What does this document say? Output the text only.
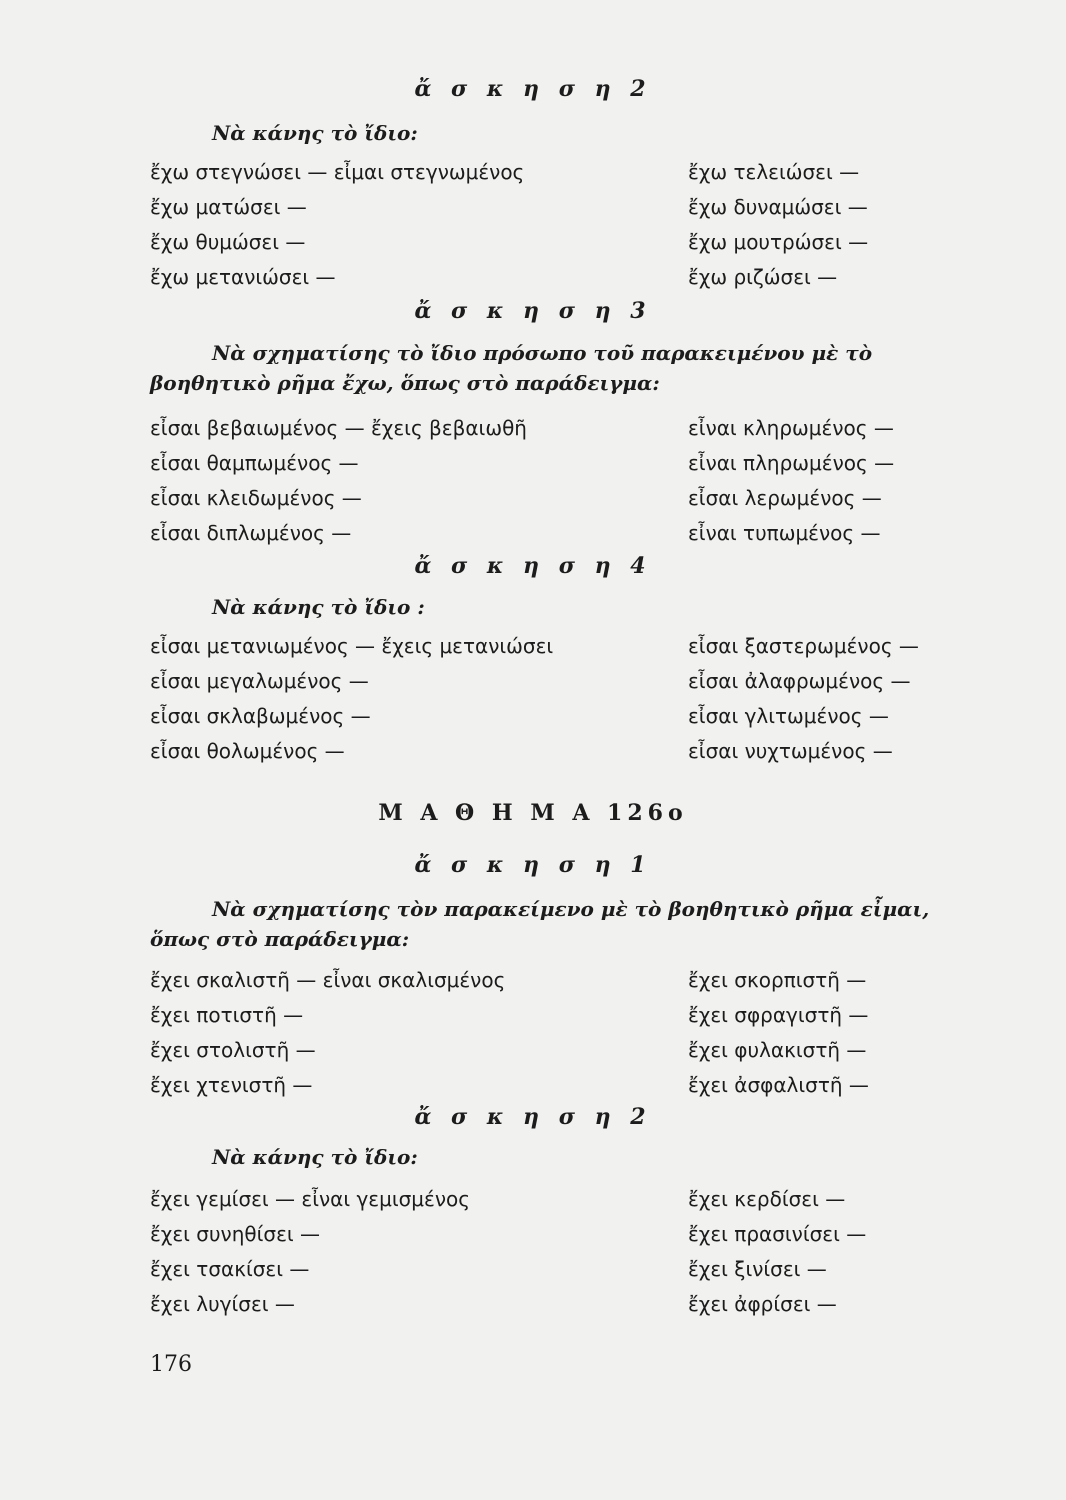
ἄ σ κ η σ η 2
Νὰ κάνης τὸ ἴδιο:
ἔχω στεγνώσει — εἶμαι στεγνωμένος
ἔχω ματώσει —
ἔχω θυμώσει —
ἔχω μετανιώσει —
ἔχω τελειώσει —
ἔχω δυναμώσει —
ἔχω μουτρώσει —
ἔχω ριζώσει —
ἄ σ κ η σ η 3
Νὰ σχηματίσης τὸ ἴδιο πρόσωπο τοῦ παρακειμένου μὲ τὸ βοηθητικὸ ρῆμα ἔχω, ὅπως στὸ παράδειγμα:
εἶσαι βεβαιωμένος — ἔχεις βεβαιωθῆ
εἶσαι θαμπωμένος —
εἶσαι κλειδωμένος —
εἶσαι διπλωμένος —
εἶναι κληρωμένος —
εἶναι πληρωμένος —
εἶσαι λερωμένος —
εἶναι τυπωμένος —
ἄ σ κ η σ η 4
Νὰ κάνης τὸ ἴδιο :
εἶσαι μετανιωμένος — ἔχεις μετανιώσει
εἶσαι μεγαλωμένος —
εἶσαι σκλαβωμένος —
εἶσαι θολωμένος —
εἶσαι ξαστερωμένος —
εἶσαι ἀλαφρωμένος —
εἶσαι γλιτωμένος —
εἶσαι νυχτωμένος —
Μ Α Θ Η Μ Α 126ο
ἄ σ κ η σ η 1
Νὰ σχηματίσης τὸν παρακείμενο μὲ τὸ βοηθητικὸ ρῆμα εἶμαι, ὅπως στὸ παράδειγμα:
ἔχει σκαλιστῆ — εἶναι σκαλισμένος
ἔχει ποτιστῆ —
ἔχει στολιστῆ —
ἔχει χτενιστῆ —
ἔχει σκορπιστῆ —
ἔχει σφραγιστῆ —
ἔχει φυλακιστῆ —
ἔχει ἀσφαλιστῆ —
ἄ σ κ η σ η 2
Νὰ κάνης τὸ ἴδιο:
ἔχει γεμίσει — εἶναι γεμισμένος
ἔχει συνηθίσει —
ἔχει τσακίσει —
ἔχει λυγίσει —
ἔχει κερδίσει —
ἔχει πρασινίσει —
ἔχει ξινίσει —
ἔχει ἀφρίσει —
176
